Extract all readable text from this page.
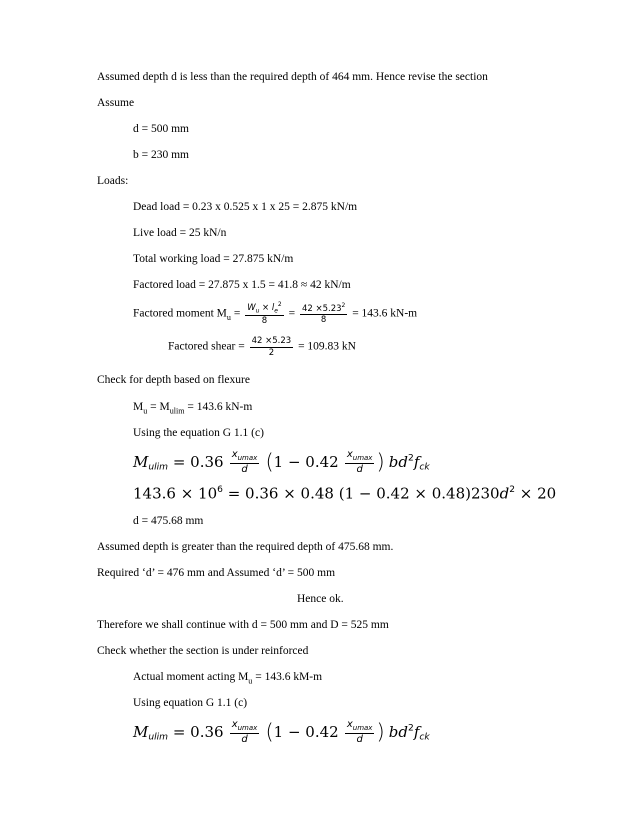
Assumed depth d is less than the required depth of 464 mm. Hence revise the section
Assume
d = 500 mm
b = 230 mm
Loads:
Dead load = 0.23 x 0.525 x 1 x 25 = 2.875 kN/m
Live load = 25 kN/n
Total working load = 27.875 kN/m
Factored load = 27.875 x 1.5 = 41.8 ≈ 42 kN/m
Factored moment $M_u = \frac{W_u \times l_e^2}{8} = \frac{42 \times 5.23^2}{8} = 143.6$ kN-m
Factored shear = $\frac{42 \times 5.23}{2} = 109.83$ kN
Check for depth based on flexure
$M_u = M_{ulim} = 143.6$ kN-m
Using the equation G 1.1 (c)
$M_{ulim} = 0.36 \frac{x_{umax}}{d} (1 - 0.42 \frac{x_{umax}}{d}$ ) $bd^2f_{ck}$
$143.6 \times 10^6 = 0.36 \times 0.48$ $(1 - 0.42 \times 0.48)230d^2 \times 20$
d = 475.68 mm
Assumed depth is greater than the required depth of 475.68 mm.
Required ‘d’ = 476 mm and Assumed ‘d’ = 500 mm
Hence ok.
Therefore we shall continue with d = 500 mm and D = 525 mm
Check whether the section is under reinforced
Actual moment acting $M_u = 143.6$ kM-m
Using equation G 1.1 (c)
$M_{ulim} = 0.36 \frac{x_{umax}}{d} (1 - 0.42 \frac{x_{umax}}{d}$ ) $bd^2f_{ck}$
